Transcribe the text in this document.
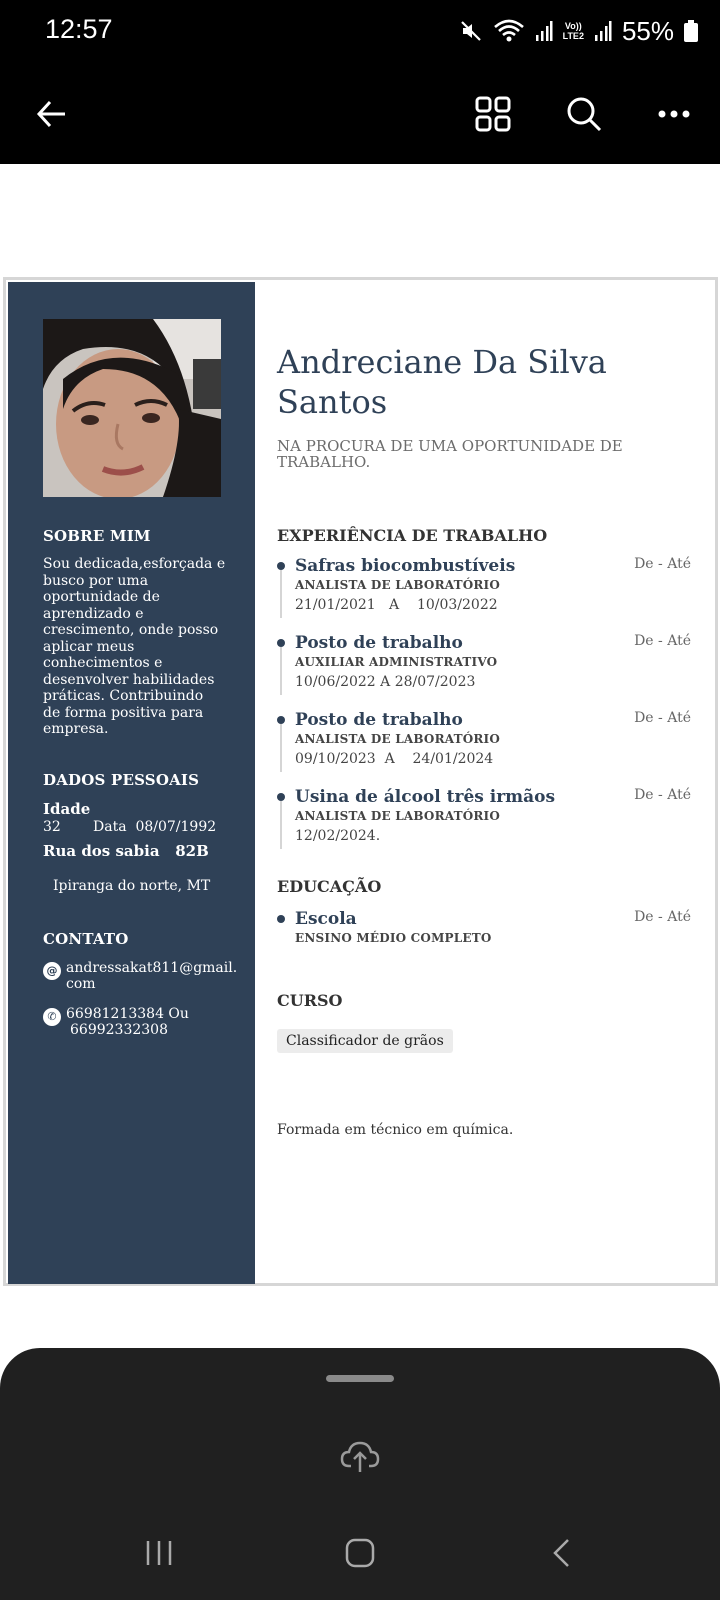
12:57	Vo))
LTE2 55%
SOBRE MIM
Sou dedicada,esforçada e
busco por uma
oportunidade de
aprendizado e
crescimento, onde posso
aplicar meus
conhecimentos e
desenvolver habilidades
práticas. Contribuindo
de forma positiva para
empresa.
DADOS PESSOAIS
Idade
32 Data 08/07/1992
Rua dos sabia 82B
Ipiranga do norte, MT
CONTATO
@ andressakat811@gmail.
com
✆ 66981213384 Ou
66992332308
Andreciane Da Silva
Santos
NA PROCURA DE UMA OPORTUNIDADE DE
TRABALHO.
EXPERIÊNCIA DE TRABALHO
Safras biocombustíveis	De - Até
ANALISTA DE LABORATÓRIO
21/01/2021   A    10/03/2022
Posto de trabalho	De - Até
AUXILIAR ADMINISTRATIVO
10/06/2022 A 28/07/2023
Posto de trabalho	De - Até
ANALISTA DE LABORATÓRIO
09/10/2023  A    24/01/2024
Usina de álcool três irmãos	De - Até
ANALISTA DE LABORATÓRIO
12/02/2024.
EDUCAÇÃO
Escola	De - Até
ENSINO MÉDIO COMPLETO
CURSO
Classificador de grãos
Formada em técnico em química.
